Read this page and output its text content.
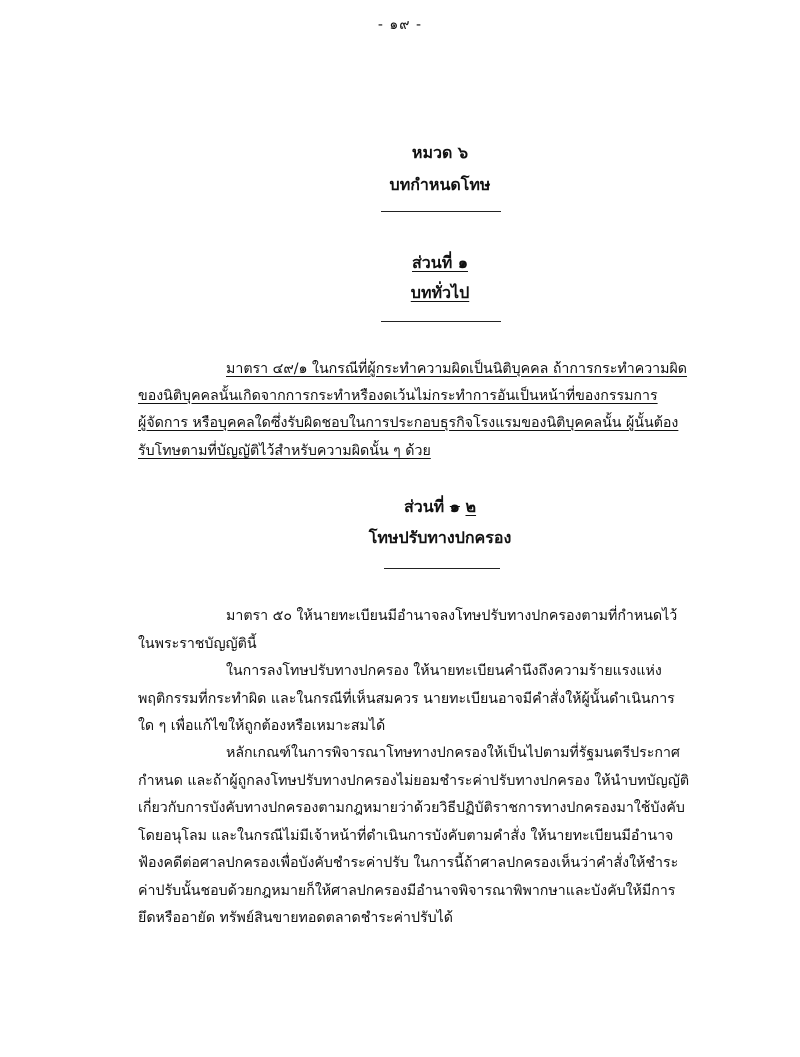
- ๑๙ -
หมวด ๖
บทกำหนดโทษ
ส่วนที่ ๑
บททั่วไป
มาตรา ๔๙/๑ ในกรณีที่ผู้กระทำความผิดเป็นนิติบุคคล ถ้าการกระทำความผิด
ของนิติบุคคลนั้นเกิดจากการกระทำหรืองดเว้นไม่กระทำการอันเป็นหน้าที่ของกรรมการ
ผู้จัดการ หรือบุคคลใดซึ่งรับผิดชอบในการประกอบธุรกิจโรงแรมของนิติบุคคลนั้น ผู้นั้นต้อง
รับโทษตามที่บัญญัติไว้สำหรับความผิดนั้น ๆ ด้วย
ส่วนที่ ๑ ๒
โทษปรับทางปกครอง
มาตรา ๕๐ ให้นายทะเบียนมีอำนาจลงโทษปรับทางปกครองตามที่กำหนดไว้
ในพระราชบัญญัตินี้
ในการลงโทษปรับทางปกครอง ให้นายทะเบียนคำนึงถึงความร้ายแรงแห่ง
พฤติกรรมที่กระทำผิด และในกรณีที่เห็นสมควร นายทะเบียนอาจมีคำสั่งให้ผู้นั้นดำเนินการ
ใด ๆ เพื่อแก้ไขให้ถูกต้องหรือเหมาะสมได้
หลักเกณฑ์ในการพิจารณาโทษทางปกครองให้เป็นไปตามที่รัฐมนตรีประกาศ
กำหนด และถ้าผู้ถูกลงโทษปรับทางปกครองไม่ยอมชำระค่าปรับทางปกครอง ให้นำบทบัญญัติ
เกี่ยวกับการบังคับทางปกครองตามกฎหมายว่าด้วยวิธีปฏิบัติราชการทางปกครองมาใช้บังคับ
โดยอนุโลม และในกรณีไม่มีเจ้าหน้าที่ดำเนินการบังคับตามคำสั่ง ให้นายทะเบียนมีอำนาจ
ฟ้องคดีต่อศาลปกครองเพื่อบังคับชำระค่าปรับ ในการนี้ถ้าศาลปกครองเห็นว่าคำสั่งให้ชำระ
ค่าปรับนั้นชอบด้วยกฎหมายก็ให้ศาลปกครองมีอำนาจพิจารณาพิพากษาและบังคับให้มีการ
ยึดหรืออายัด ทรัพย์สินขายทอดตลาดชำระค่าปรับได้
